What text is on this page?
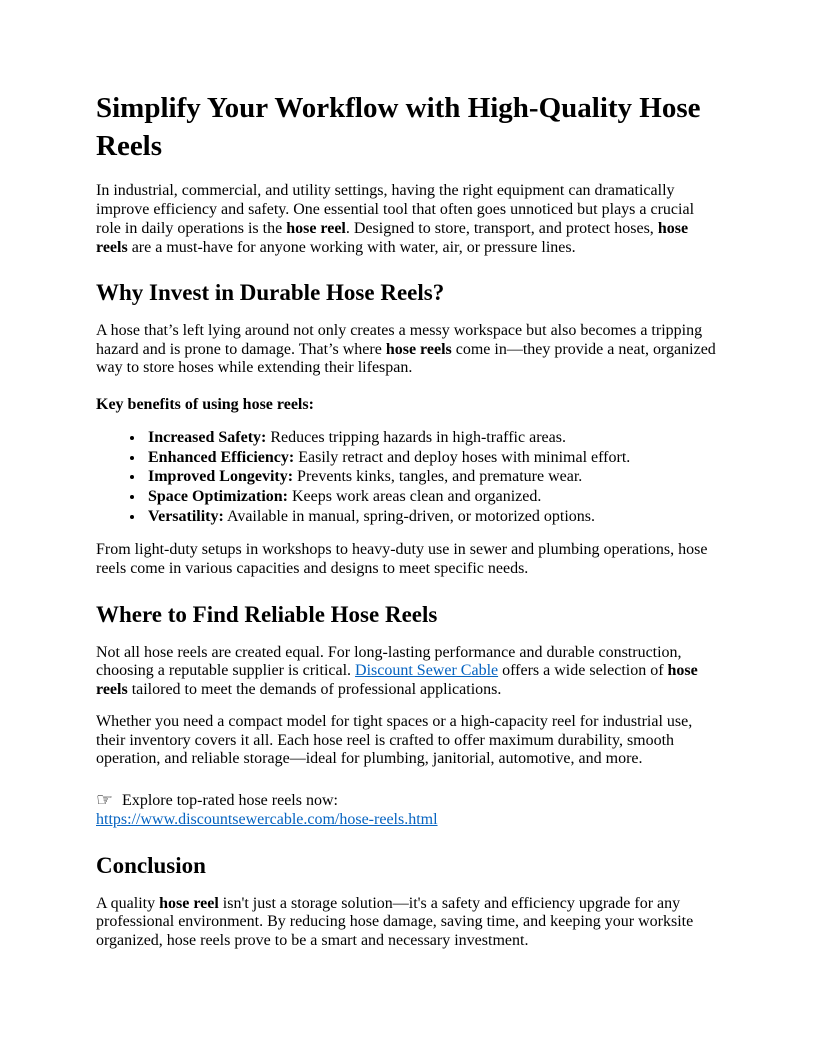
Simplify Your Workflow with High-Quality Hose Reels

In industrial, commercial, and utility settings, having the right equipment can dramatically improve efficiency and safety. One essential tool that often goes unnoticed but plays a crucial role in daily operations is the hose reel. Designed to store, transport, and protect hoses, hose reels are a must-have for anyone working with water, air, or pressure lines.

Why Invest in Durable Hose Reels?

A hose that’s left lying around not only creates a messy workspace but also becomes a tripping hazard and is prone to damage. That’s where hose reels come in—they provide a neat, organized way to store hoses while extending their lifespan.

Key benefits of using hose reels:

• Increased Safety: Reduces tripping hazards in high-traffic areas.
• Enhanced Efficiency: Easily retract and deploy hoses with minimal effort.
• Improved Longevity: Prevents kinks, tangles, and premature wear.
• Space Optimization: Keeps work areas clean and organized.
• Versatility: Available in manual, spring-driven, or motorized options.

From light-duty setups in workshops to heavy-duty use in sewer and plumbing operations, hose reels come in various capacities and designs to meet specific needs.

Where to Find Reliable Hose Reels

Not all hose reels are created equal. For long-lasting performance and durable construction, choosing a reputable supplier is critical. Discount Sewer Cable offers a wide selection of hose reels tailored to meet the demands of professional applications.

Whether you need a compact model for tight spaces or a high-capacity reel for industrial use, their inventory covers it all. Each hose reel is crafted to offer maximum durability, smooth operation, and reliable storage—ideal for plumbing, janitorial, automotive, and more.

☞ Explore top-rated hose reels now:
https://www.discountsewercable.com/hose-reels.html

Conclusion

A quality hose reel isn't just a storage solution—it's a safety and efficiency upgrade for any professional environment. By reducing hose damage, saving time, and keeping your worksite organized, hose reels prove to be a smart and necessary investment.
